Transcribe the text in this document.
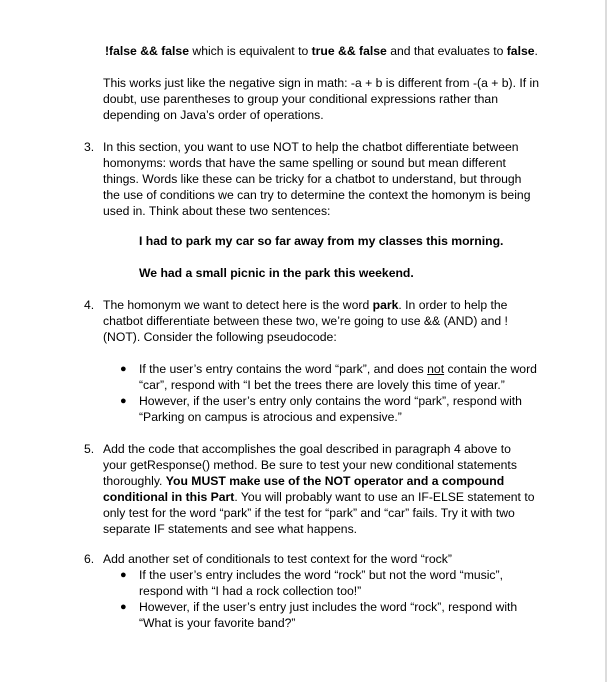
!false && false which is equivalent to true && false and that evaluates to false.

This works just like the negative sign in math: -a + b is different from -(a + b). If in doubt, use parentheses to group your conditional expressions rather than depending on Java’s order of operations.

3. In this section, you want to use NOT to help the chatbot differentiate between homonyms: words that have the same spelling or sound but mean different things. Words like these can be tricky for a chatbot to understand, but through the use of conditions we can try to determine the context the homonym is being used in. Think about these two sentences:

I had to park my car so far away from my classes this morning.

We had a small picnic in the park this weekend.

4. The homonym we want to detect here is the word park. In order to help the chatbot differentiate between these two, we’re going to use && (AND) and ! (NOT). Consider the following pseudocode:

● If the user’s entry contains the word “park”, and does not contain the word “car”, respond with “I bet the trees there are lovely this time of year.”

● However, if the user’s entry only contains the word “park”, respond with “Parking on campus is atrocious and expensive.”

5. Add the code that accomplishes the goal described in paragraph 4 above to your getResponse() method. Be sure to test your new conditional statements thoroughly. You MUST make use of the NOT operator and a compound conditional in this Part. You will probably want to use an IF-ELSE statement to only test for the word “park” if the test for “park” and “car” fails. Try it with two separate IF statements and see what happens.

6. Add another set of conditionals to test context for the word “rock”

● If the user’s entry includes the word “rock” but not the word “music”, respond with “I had a rock collection too!”

● However, if the user’s entry just includes the word “rock”, respond with “What is your favorite band?”
